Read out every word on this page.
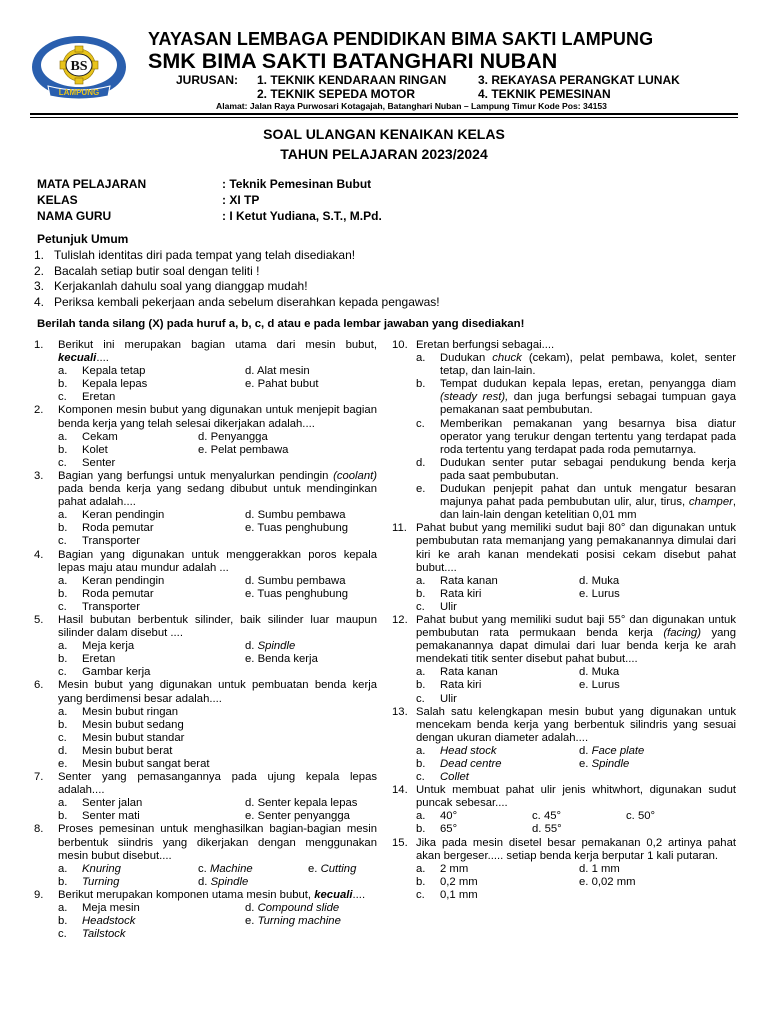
BS
LAMPUNG
YAYASAN LEMBAGA PENDIDIKAN BIMA SAKTI LAMPUNG
SMK BIMA SAKTI BATANGHARI NUBAN
JURUSAN: 1. TEKNIK KENDARAAN RINGAN
2. TEKNIK SEPEDA MOTOR
3. REKAYASA PERANGKAT LUNAK
4. TEKNIK PEMESINAN
Alamat: Jalan Raya Purwosari Kotagajah, Batanghari Nuban – Lampung Timur Kode Pos: 34153
SOAL ULANGAN KENAIKAN KELAS
TAHUN PELAJARAN 2023/2024
MATA PELAJARAN	: Teknik Pemesinan Bubut
KELAS	: XI TP
NAMA GURU	: I Ketut Yudiana, S.T., M.Pd.
Petunjuk Umum
1. Tulislah identitas diri pada tempat yang telah disediakan!
2. Bacalah setiap butir soal dengan teliti !
3. Kerjakanlah dahulu soal yang dianggap mudah!
4. Periksa kembali pekerjaan anda sebelum diserahkan kepada pengawas!
Berilah tanda silang (X) pada huruf a, b, c, d atau e pada lembar jawaban yang disediakan!
1.	Berikut ini merupakan bagian utama dari mesin bubut, kecuali....
a.	Kepala tetap	d. Alat mesin
b.	Kepala lepas	e. Pahat bubut
c.	Eretan
2.	Komponen mesin bubut yang digunakan untuk menjepit bagian benda kerja yang telah selesai dikerjakan adalah....
a.	Cekam	d. Penyangga
b.	Kolet	e. Pelat pembawa
c.	Senter
3.	Bagian yang berfungsi untuk menyalurkan pendingin (coolant) pada benda kerja yang sedang dibubut untuk mendinginkan pahat adalah....
a.	Keran pendingin	d. Sumbu pembawa
b.	Roda pemutar	e. Tuas penghubung
c.	Transporter
4.	Bagian yang digunakan untuk menggerakkan poros kepala lepas maju atau mundur adalah ...
a.	Keran pendingin	d. Sumbu pembawa
b.	Roda pemutar	e. Tuas penghubung
c.	Transporter
5.	Hasil bubutan berbentuk silinder, baik silinder luar maupun silinder dalam disebut ....
a.	Meja kerja	d. Spindle
b.	Eretan	e. Benda kerja
c.	Gambar kerja
6.	Mesin bubut yang digunakan untuk pembuatan benda kerja yang berdimensi besar adalah....
a.	Mesin bubut ringan
b.	Mesin bubut sedang
c.	Mesin bubut standar
d.	Mesin bubut berat
e.	Mesin bubut sangat berat
7.	Senter yang pemasangannya pada ujung kepala lepas adalah....
a.	Senter jalan	d. Senter kepala lepas
b.	Senter mati	e. Senter penyangga
8.	Proses pemesinan untuk menghasilkan bagian-bagian mesin berbentuk siindris yang dikerjakan dengan menggunakan mesin bubut disebut....
a.	Knuring	c. Machine	e. Cutting
b.	Turning	d. Spindle
9.	Berikut merupakan komponen utama mesin bubut, kecuali....
a.	Meja mesin	d. Compound slide
b.	Headstock	e. Turning machine
c.	Tailstock
10. Eretan berfungsi sebagai....
a.	Dudukan chuck (cekam), pelat pembawa, kolet, senter tetap, dan lain-lain.
b.	Tempat dudukan kepala lepas, eretan, penyangga diam (steady rest), dan juga berfungsi sebagai tumpuan gaya pemakanan saat pembubutan.
c.	Memberikan pemakanan yang besarnya bisa diatur operator yang terukur dengan tertentu yang terdapat pada roda tertentu yang terdapat pada roda pemutarnya.
d.	Dudukan senter putar sebagai pendukung benda kerja pada saat pembubutan.
e.	Dudukan penjepit pahat dan untuk mengatur besaran majunya pahat pada pembubutan ulir, alur, tirus, champer, dan lain-lain dengan ketelitian 0,01 mm
11. Pahat bubut yang memiliki sudut baji 80° dan digunakan untuk pembubutan rata memanjang yang pemakanannya dimulai dari kiri ke arah kanan mendekati posisi cekam disebut pahat bubut....
a.	Rata kanan	d. Muka
b.	Rata kiri	e. Lurus
c.	Ulir
12. Pahat bubut yang memiliki sudut baji 55° dan digunakan untuk pembubutan rata permukaan benda kerja (facing) yang pemakanannya dapat dimulai dari luar benda kerja ke arah mendekati titik senter disebut pahat bubut....
a.	Rata kanan	d. Muka
b.	Rata kiri	e. Lurus
c.	Ulir
13. Salah satu kelengkapan mesin bubut yang digunakan untuk mencekam benda kerja yang berbentuk silindris yang sesuai dengan ukuran diameter adalah....
a.	Head stock	d. Face plate
b.	Dead centre	e. Spindle
c.	Collet
14. Untuk membuat pahat ulir jenis whitwhort, digunakan sudut puncak sebesar....
a.	40°	c. 45°	c. 50°
b.	65°	d. 55°
15. Jika pada mesin disetel besar pemakanan 0,2 artinya pahat akan bergeser..... setiap benda kerja berputar 1 kali putaran.
a.	2 mm	d. 1 mm
b.	0,2 mm	e. 0,02 mm
c.	0,1 mm
